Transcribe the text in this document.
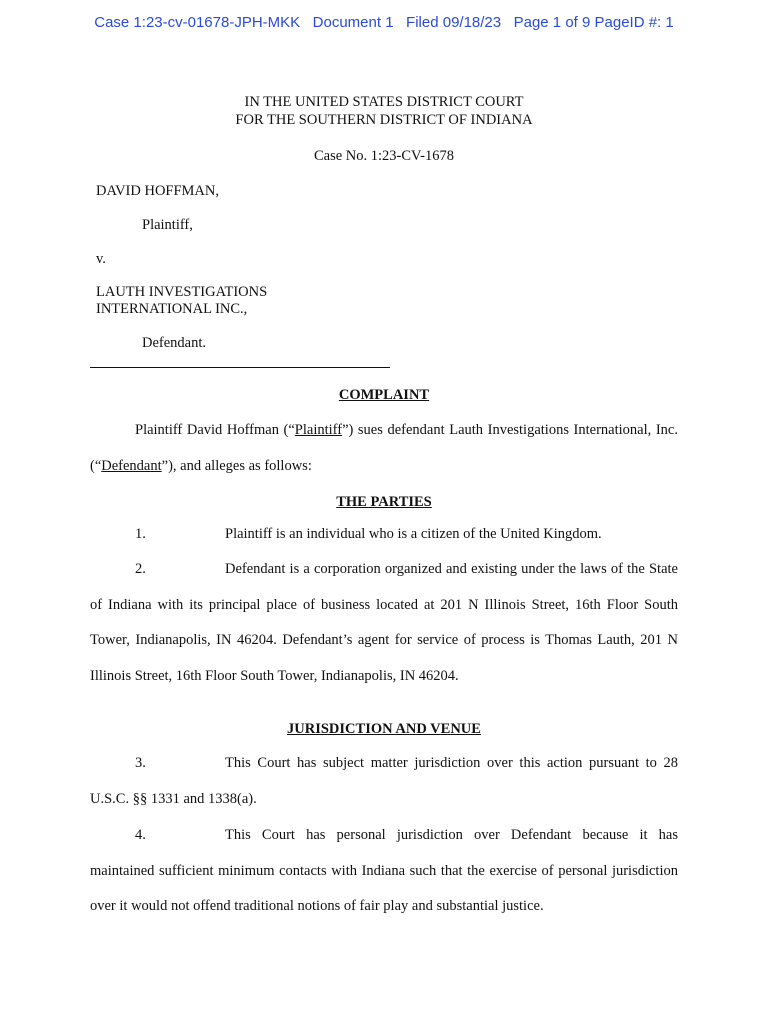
Case 1:23-cv-01678-JPH-MKK   Document 1   Filed 09/18/23   Page 1 of 9 PageID #: 1
IN THE UNITED STATES DISTRICT COURT
FOR THE SOUTHERN DISTRICT OF INDIANA
Case No. 1:23-CV-1678
DAVID HOFFMAN,
Plaintiff,
v.
LAUTH INVESTIGATIONS
INTERNATIONAL INC.,
Defendant.
COMPLAINT
Plaintiff David Hoffman (“Plaintiff”) sues defendant Lauth Investigations International, Inc. (“Defendant”), and alleges as follows:
THE PARTIES
1.	Plaintiff is an individual who is a citizen of the United Kingdom.
2.	Defendant is a corporation organized and existing under the laws of the State of Indiana with its principal place of business located at 201 N Illinois Street, 16th Floor South Tower, Indianapolis, IN 46204. Defendant’s agent for service of process is Thomas Lauth, 201 N Illinois Street, 16th Floor South Tower, Indianapolis, IN 46204.
JURISDICTION AND VENUE
3.	This Court has subject matter jurisdiction over this action pursuant to 28 U.S.C. §§ 1331 and 1338(a).
4.	This Court has personal jurisdiction over Defendant because it has maintained sufficient minimum contacts with Indiana such that the exercise of personal jurisdiction over it would not offend traditional notions of fair play and substantial justice.
